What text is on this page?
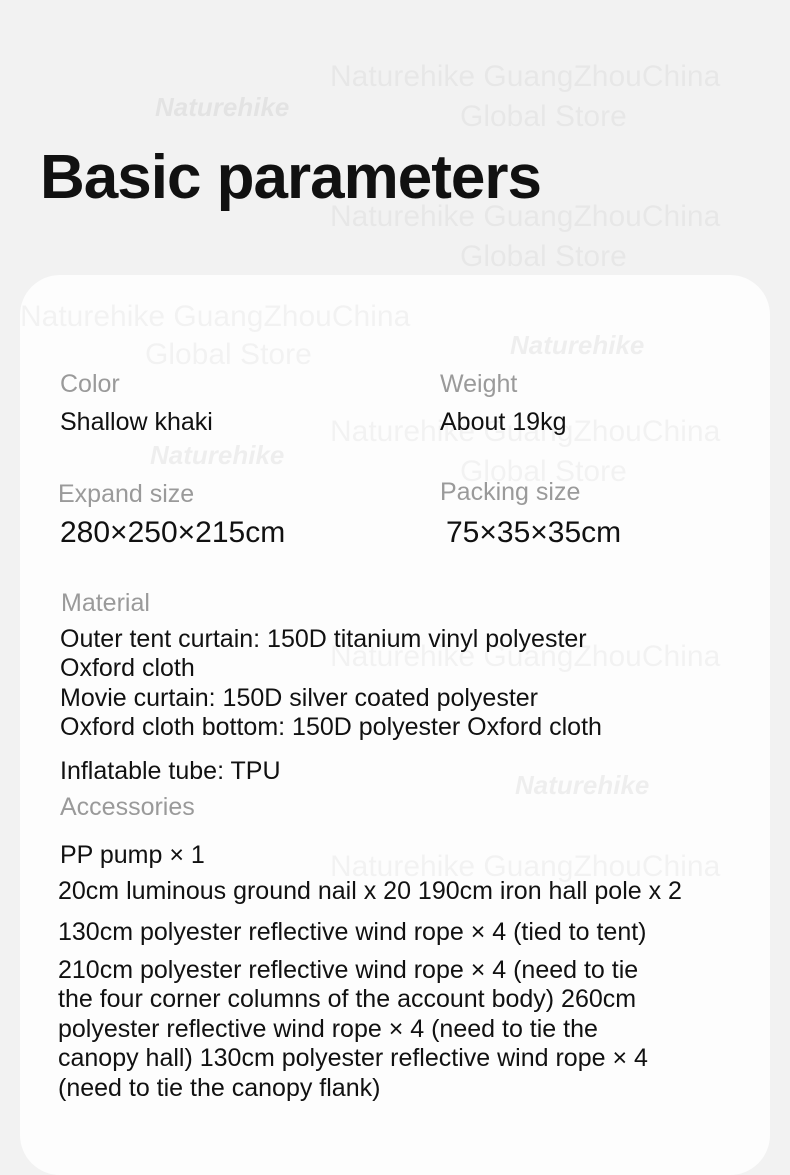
Naturehike
Basic parameters
Naturehike
Naturehike
Naturehike
Color
Shallow khaki
Weight
About 19kg
Expand size
280×250×215cm
Packing size
75×35×35cm
Material
Outer tent curtain: 150D titanium vinyl polyester
Oxford cloth
Movie curtain: 150D silver coated polyester
Oxford cloth bottom: 150D polyester Oxford cloth
Inflatable tube: TPU
Accessories
PP pump × 1
20cm luminous ground nail x 20 190cm iron hall pole x 2
130cm polyester reflective wind rope × 4 (tied to tent)
210cm polyester reflective wind rope × 4 (need to tie
the four corner columns of the account body) 260cm
polyester reflective wind rope × 4 (need to tie the
canopy hall) 130cm polyester reflective wind rope × 4
(need to tie the canopy flank)
